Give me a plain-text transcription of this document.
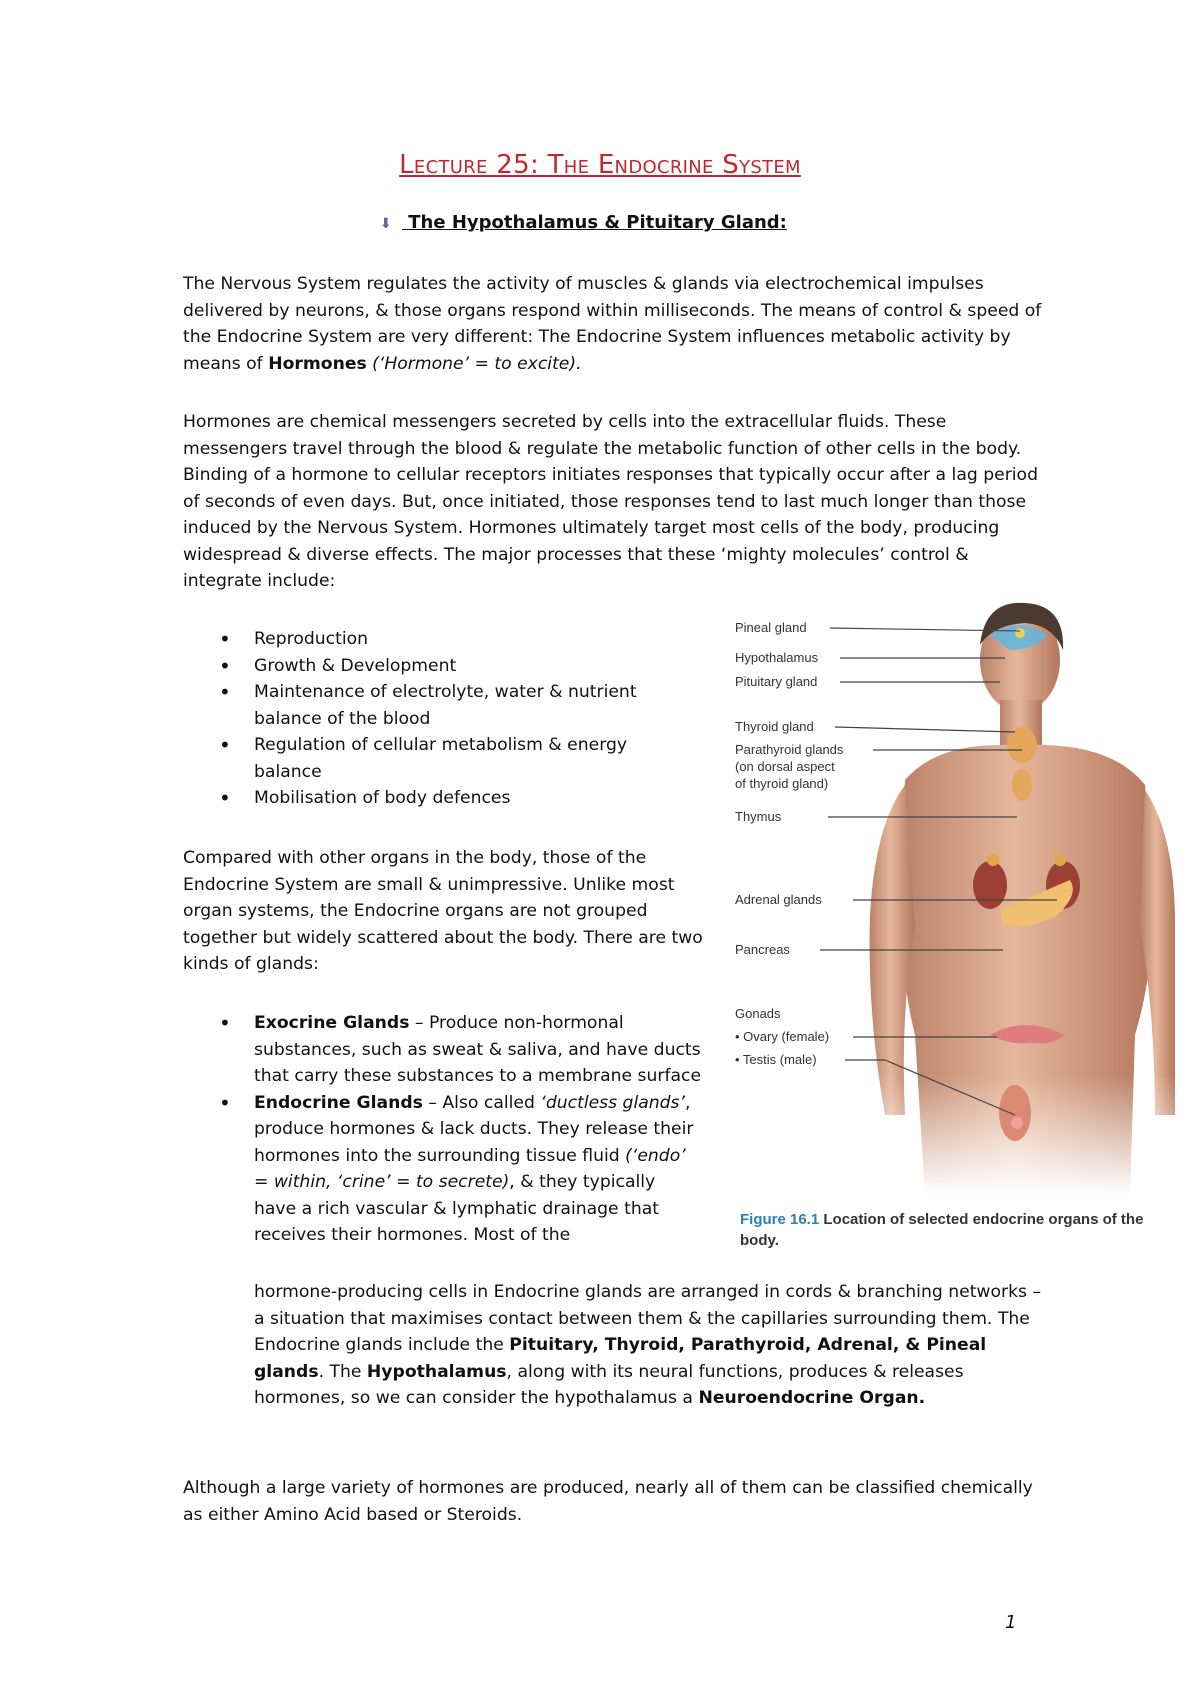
Lecture 25: The Endocrine System
⬇ The Hypothalamus & Pituitary Gland:
The Nervous System regulates the activity of muscles & glands via electrochemical impulses delivered by neurons, & those organs respond within milliseconds. The means of control & speed of the Endocrine System are very different: The Endocrine System influences metabolic activity by means of Hormones (‘Hormone’ = to excite).
Hormones are chemical messengers secreted by cells into the extracellular fluids. These messengers travel through the blood & regulate the metabolic function of other cells in the body. Binding of a hormone to cellular receptors initiates responses that typically occur after a lag period of seconds of even days. But, once initiated, those responses tend to last much longer than those induced by the Nervous System. Hormones ultimately target most cells of the body, producing widespread & diverse effects. The major processes that these ‘mighty molecules’ control & integrate include:
• Reproduction
• Growth & Development
• Maintenance of electrolyte, water & nutrient balance of the blood
• Regulation of cellular metabolism & energy balance
• Mobilisation of body defences
Compared with other organs in the body, those of the Endocrine System are small & unimpressive. Unlike most organ systems, the Endocrine organs are not grouped together but widely scattered about the body. There are two kinds of glands:
• Exocrine Glands – Produce non-hormonal substances, such as sweat & saliva, and have ducts that carry these substances to a membrane surface
• Endocrine Glands – Also called ‘ductless glands’, produce hormones & lack ducts. They release their hormones into the surrounding tissue fluid (‘endo’ = within, ‘crine’ = to secrete), & they typically have a rich vascular & lymphatic drainage that receives their hormones. Most of the
hormone-producing cells in Endocrine glands are arranged in cords & branching networks – a situation that maximises contact between them & the capillaries surrounding them. The Endocrine glands include the Pituitary, Thyroid, Parathyroid, Adrenal, & Pineal glands. The Hypothalamus, along with its neural functions, produces & releases hormones, so we can consider the hypothalamus a Neuroendocrine Organ.
Although a large variety of hormones are produced, nearly all of them can be classified chemically as either Amino Acid based or Steroids.
Pineal gland
Hypothalamus
Pituitary gland
Thyroid gland
Parathyroid glands
(on dorsal aspect
of thyroid gland)
Thymus
Adrenal glands
Pancreas
Gonads
• Ovary (female)
• Testis (male)
Figure 16.1 Location of selected endocrine organs of the body.
1
